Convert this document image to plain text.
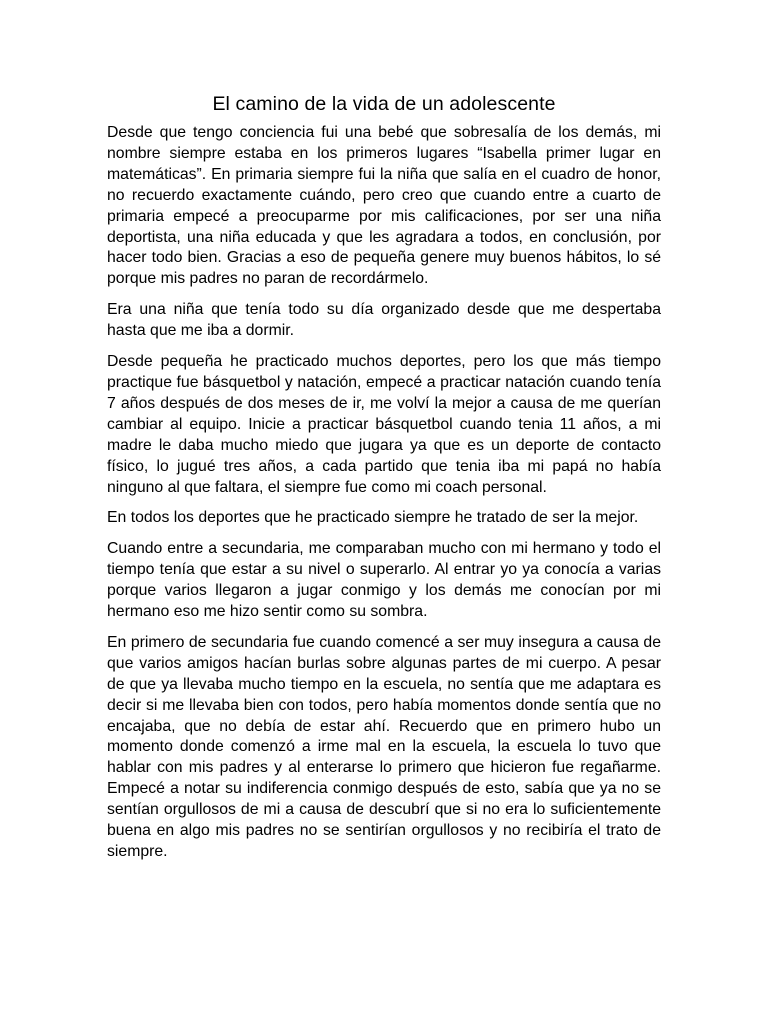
El camino de la vida de un adolescente

Desde que tengo conciencia fui una bebé que sobresalía de los demás, mi nombre siempre estaba en los primeros lugares “Isabella primer lugar en matemáticas”. En primaria siempre fui la niña que salía en el cuadro de honor, no recuerdo exactamente cuándo, pero creo que cuando entre a cuarto de primaria empecé a preocuparme por mis calificaciones, por ser una niña deportista, una niña educada y que les agradara a todos, en conclusión, por hacer todo bien. Gracias a eso de pequeña genere muy buenos hábitos, lo sé porque mis padres no paran de recordármelo.

Era una niña que tenía todo su día organizado desde que me despertaba hasta que me iba a dormir.

Desde pequeña he practicado muchos deportes, pero los que más tiempo practique fue básquetbol y natación, empecé a practicar natación cuando tenía 7 años después de dos meses de ir, me volví la mejor a causa de me querían cambiar al equipo. Inicie a practicar básquetbol cuando tenia 11 años, a mi madre le daba mucho miedo que jugara ya que es un deporte de contacto físico, lo jugué tres años, a cada partido que tenia iba mi papá no había ninguno al que faltara, el siempre fue como mi coach personal.

En todos los deportes que he practicado siempre he tratado de ser la mejor.

Cuando entre a secundaria, me comparaban mucho con mi hermano y todo el tiempo tenía que estar a su nivel o superarlo. Al entrar yo ya conocía a varias porque varios llegaron a jugar conmigo y los demás me conocían por mi hermano eso me hizo sentir como su sombra.

En primero de secundaria fue cuando comencé a ser muy insegura a causa de que varios amigos hacían burlas sobre algunas partes de mi cuerpo. A pesar de que ya llevaba mucho tiempo en la escuela, no sentía que me adaptara es decir si me llevaba bien con todos, pero había momentos donde sentía que no encajaba, que no debía de estar ahí. Recuerdo que en primero hubo un momento donde comenzó a irme mal en la escuela, la escuela lo tuvo que hablar con mis padres y al enterarse lo primero que hicieron fue regañarme. Empecé a notar su indiferencia conmigo después de esto, sabía que ya no se sentían orgullosos de mi a causa de descubrí que si no era lo suficientemente buena en algo mis padres no se sentirían orgullosos y no recibiría el trato de siempre.
